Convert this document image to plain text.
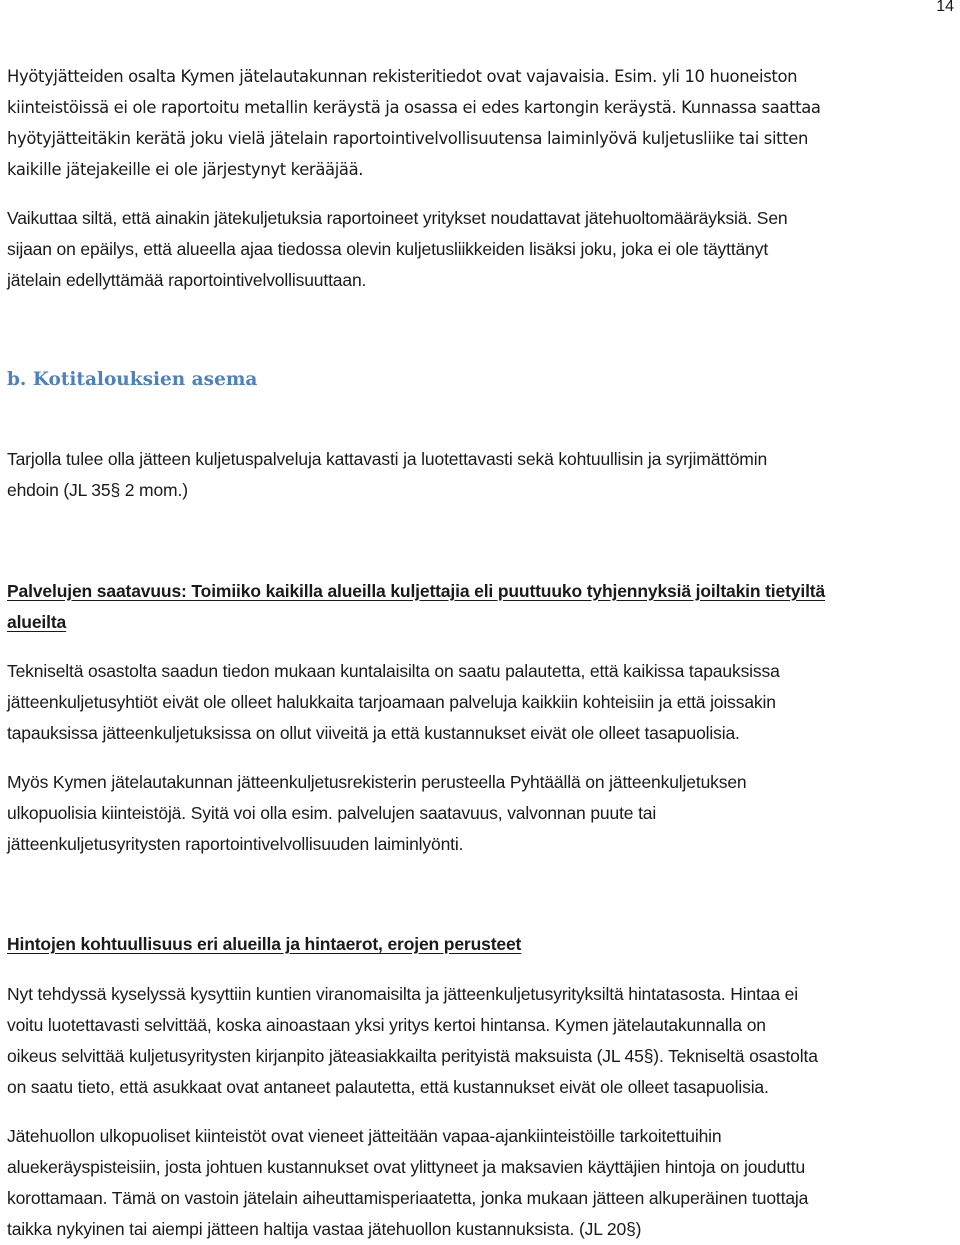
14

Hyötyjätteiden osalta Kymen jätelautakunnan rekisteritiedot ovat vajavaisia. Esim. yli 10 huoneiston
kiinteistöissä ei ole raportoitu metallin keräystä ja osassa ei edes kartongin keräystä. Kunnassa saattaa
hyötyjätteitäkin kerätä joku vielä jätelain raportointivelvollisuutensa laiminlyövä kuljetusliike tai sitten
kaikille jätejakeille ei ole järjestynyt kerääjää.

Vaikuttaa siltä, että ainakin jätekuljetuksia raportoineet yritykset noudattavat jätehuoltomääräyksiä. Sen
sijaan on epäilys, että alueella ajaa tiedossa olevin kuljetusliikkeiden lisäksi joku, joka ei ole täyttänyt
jätelain edellyttämää raportointivelvollisuuttaan.

b. Kotitalouksien asema

Tarjolla tulee olla jätteen kuljetuspalveluja kattavasti ja luotettavasti sekä kohtuullisin ja syrjimättömin
ehdoin (JL 35§ 2 mom.)

Palvelujen saatavuus: Toimiiko kaikilla alueilla kuljettajia eli puuttuuko tyhjennyksiä joiltakin tietyiltä
alueilta

Tekniseltä osastolta saadun tiedon mukaan kuntalaisilta on saatu palautetta, että kaikissa tapauksissa
jätteenkuljetusyhtiöt eivät ole olleet halukkaita tarjoamaan palveluja kaikkiin kohteisiin ja että joissakin
tapauksissa jätteenkuljetuksissa on ollut viiveitä ja että kustannukset eivät ole olleet tasapuolisia.

Myös Kymen jätelautakunnan jätteenkuljetusrekisterin perusteella Pyhtäällä on jätteenkuljetuksen
ulkopuolisia kiinteistöjä. Syitä voi olla esim. palvelujen saatavuus, valvonnan puute tai
jätteenkuljetusyritysten raportointivelvollisuuden laiminlyönti.

Hintojen kohtuullisuus eri alueilla ja hintaerot, erojen perusteet

Nyt tehdyssä kyselyssä kysyttiin kuntien viranomaisilta ja jätteenkuljetusyrityksiltä hintatasosta. Hintaa ei
voitu luotettavasti selvittää, koska ainoastaan yksi yritys kertoi hintansa. Kymen jätelautakunnalla on
oikeus selvittää kuljetusyritysten kirjanpito jäteasiakkailta perityistä maksuista (JL 45§). Tekniseltä osastolta
on saatu tieto, että asukkaat ovat antaneet palautetta, että kustannukset eivät ole olleet tasapuolisia.

Jätehuollon ulkopuoliset kiinteistöt ovat vieneet jätteitään vapaa-ajankiinteistöille tarkoitettuihin
aluekeräyspisteisiin, josta johtuen kustannukset ovat ylittyneet ja maksavien käyttäjien hintoja on jouduttu
korottamaan. Tämä on vastoin jätelain aiheuttamisperiaatetta, jonka mukaan jätteen alkuperäinen tuottaja
taikka nykyinen tai aiempi jätteen haltija vastaa jätehuollon kustannuksista. (JL 20§)
